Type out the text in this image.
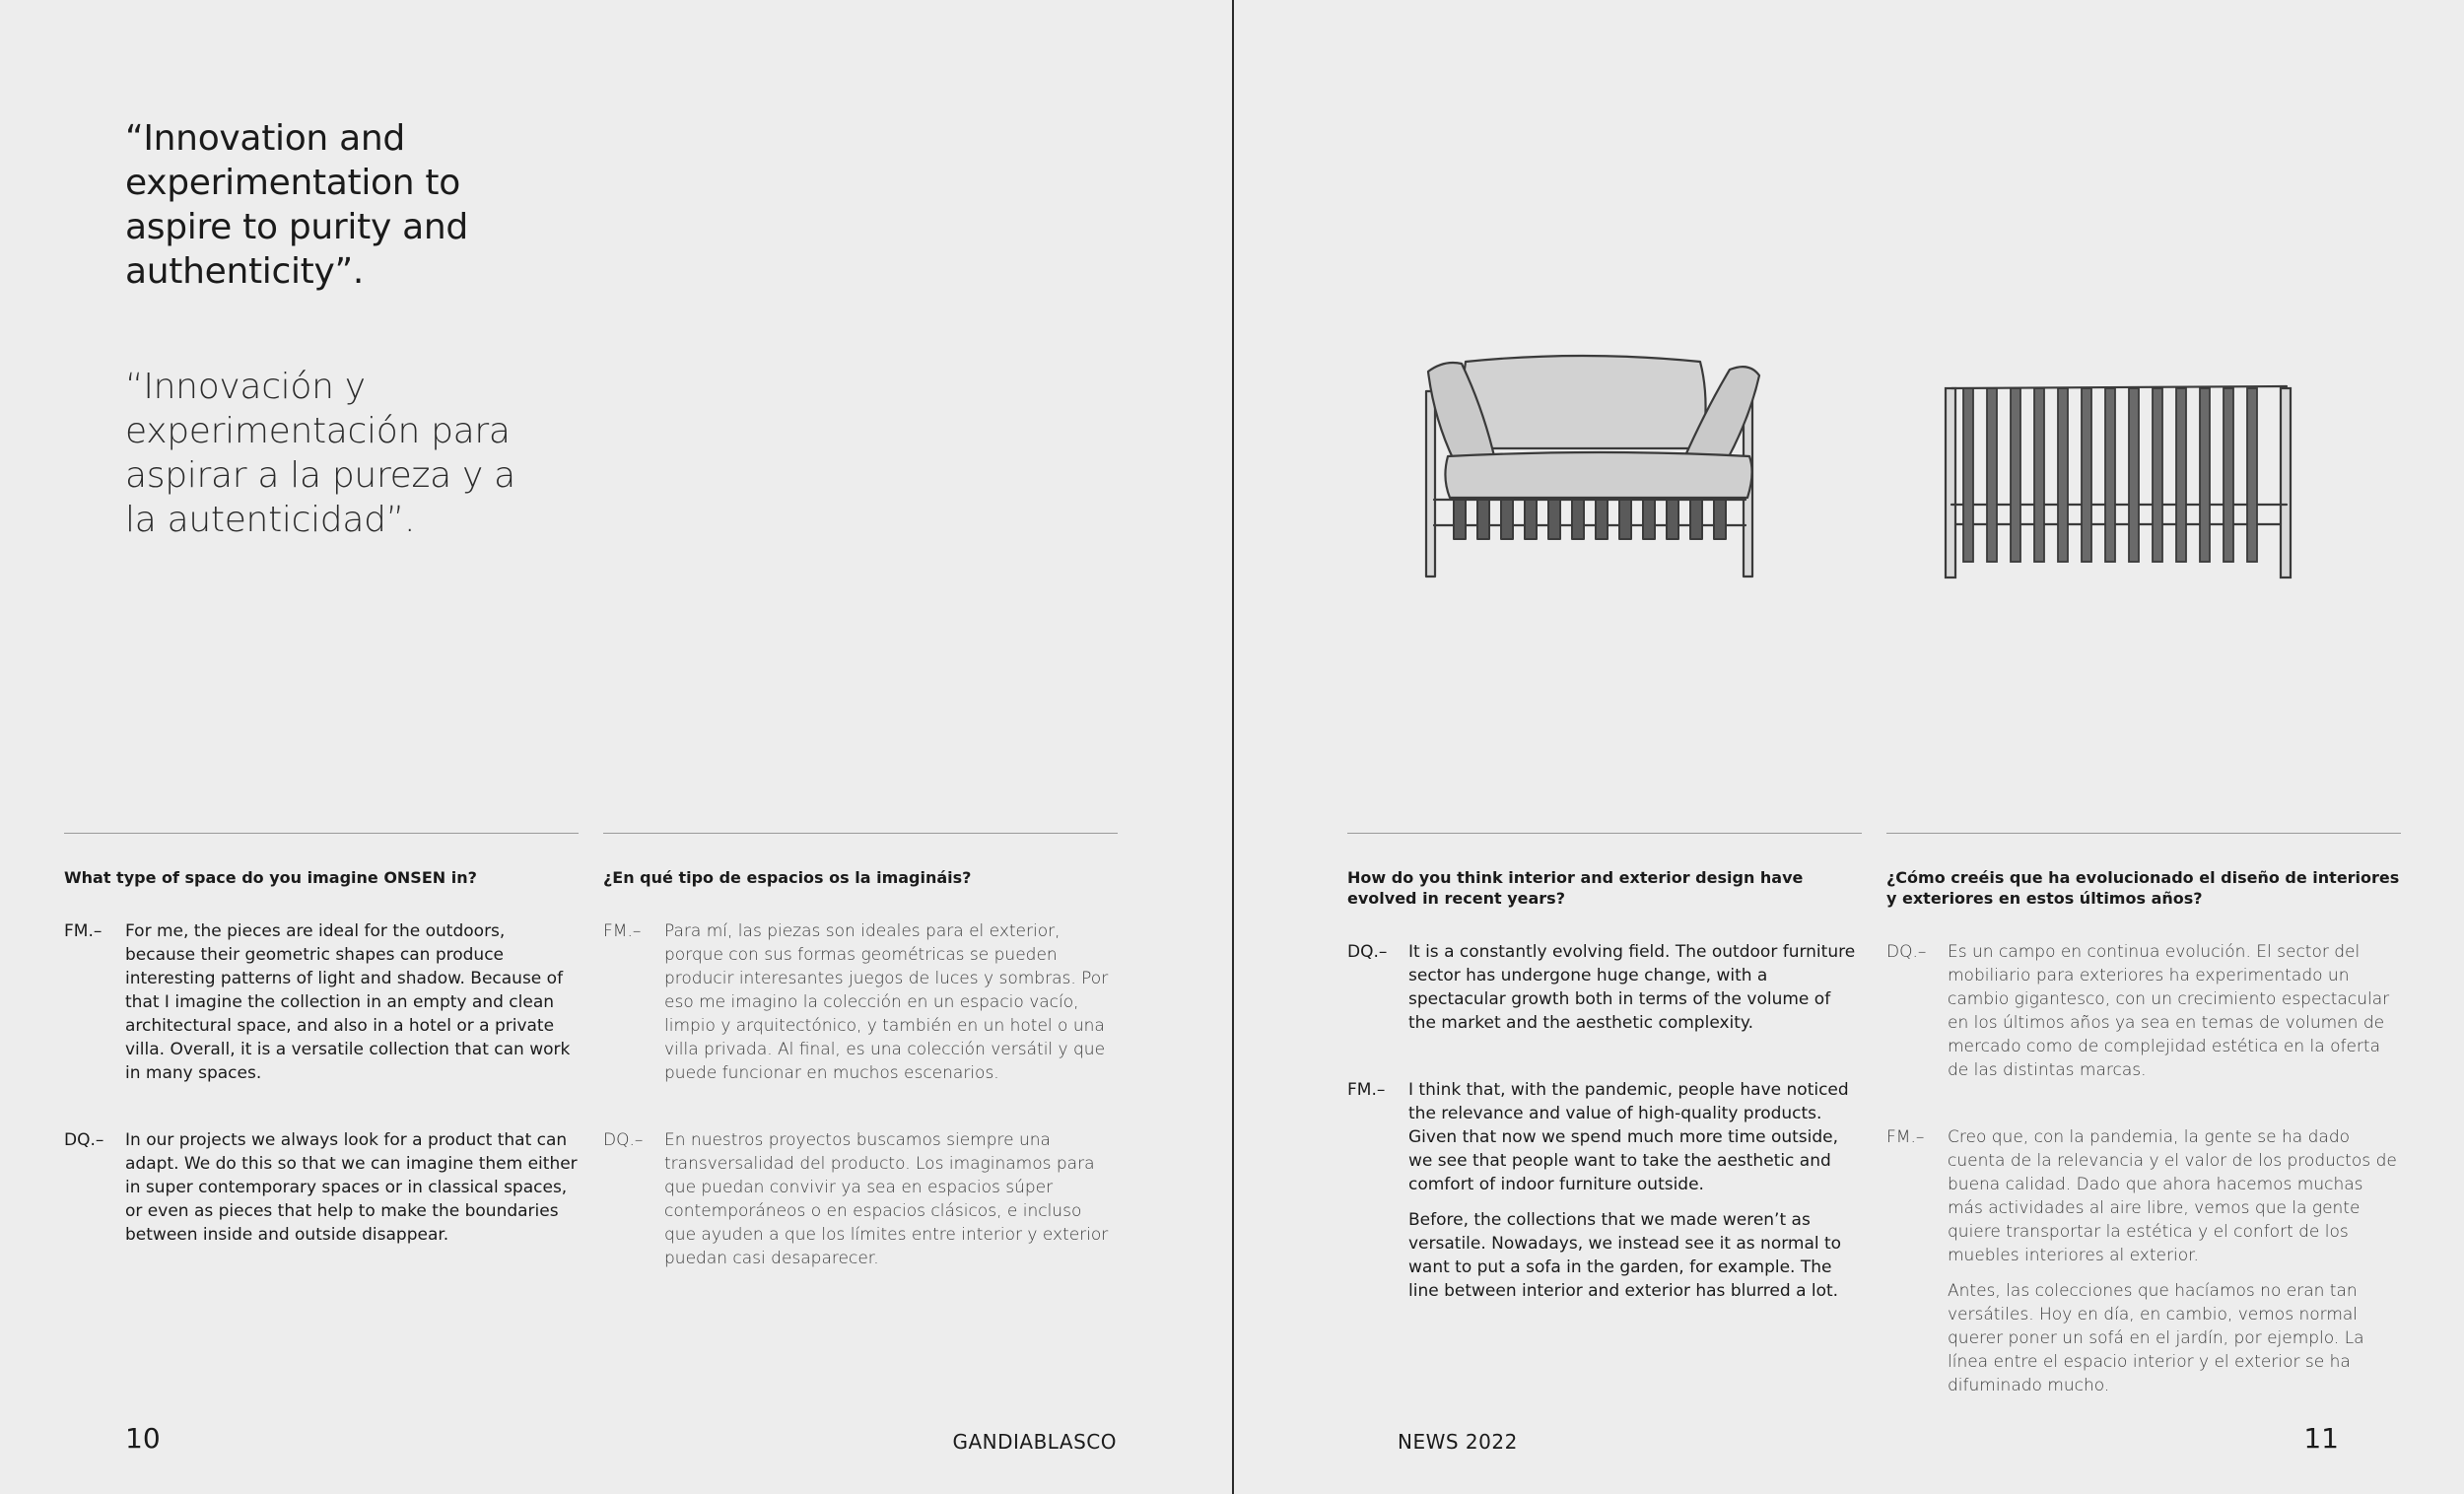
“Innovation and experimentation to aspire to purity and authenticity”.

“Innovación y experimentación para aspirar a la pureza y a la autenticidad”.

What type of space do you imagine ONSEN in?

FM.–	For me, the pieces are ideal for the outdoors, because their geometric shapes can produce interesting patterns of light and shadow. Because of that I imagine the collection in an empty and clean architectural space, and also in a hotel or a private villa. Overall, it is a versatile collection that can work in many spaces.

DQ.–	In our projects we always look for a product that can adapt. We do this so that we can imagine them either in super contemporary spaces or in classical spaces, or even as pieces that help to make the boundaries between inside and outside disappear.

¿En qué tipo de espacios os la imagináis?

FM.–	Para mí, las piezas son ideales para el exterior, porque con sus formas geométricas se pueden producir interesantes juegos de luces y sombras. Por eso me imagino la colección en un espacio vacío, limpio y arquitectónico, y también en un hotel o una villa privada. Al final, es una colección versátil y que puede funcionar en muchos escenarios.

DQ.–	En nuestros proyectos buscamos siempre una transversalidad del producto. Los imaginamos para que puedan convivir ya sea en espacios súper contemporáneos o en espacios clásicos, e incluso que ayuden a que los límites entre interior y exterior puedan casi desaparecer.

10	GANDIABLASCO

How do you think interior and exterior design have evolved in recent years?

DQ.–	It is a constantly evolving field. The outdoor furniture sector has undergone huge change, with a spectacular growth both in terms of the volume of the market and the aesthetic complexity.

FM.–	I think that, with the pandemic, people have noticed the relevance and value of high-quality products. Given that now we spend much more time outside, we see that people want to take the aesthetic and comfort of indoor furniture outside.

Before, the collections that we made weren’t as versatile. Nowadays, we instead see it as normal to want to put a sofa in the garden, for example. The line between interior and exterior has blurred a lot.

¿Cómo creéis que ha evolucionado el diseño de interiores y exteriores en estos últimos años?

DQ.–	Es un campo en continua evolución. El sector del mobiliario para exteriores ha experimentado un cambio gigantesco, con un crecimiento espectacular en los últimos años ya sea en temas de volumen de mercado como de complejidad estética en la oferta de las distintas marcas.

FM.–	Creo que, con la pandemia, la gente se ha dado cuenta de la relevancia y el valor de los productos de buena calidad. Dado que ahora hacemos muchas más actividades al aire libre, vemos que la gente quiere transportar la estética y el confort de los muebles interiores al exterior.

Antes, las colecciones que hacíamos no eran tan versátiles. Hoy en día, en cambio, vemos normal querer poner un sofá en el jardín, por ejemplo. La línea entre el espacio interior y el exterior se ha difuminado mucho.

NEWS 2022	11
